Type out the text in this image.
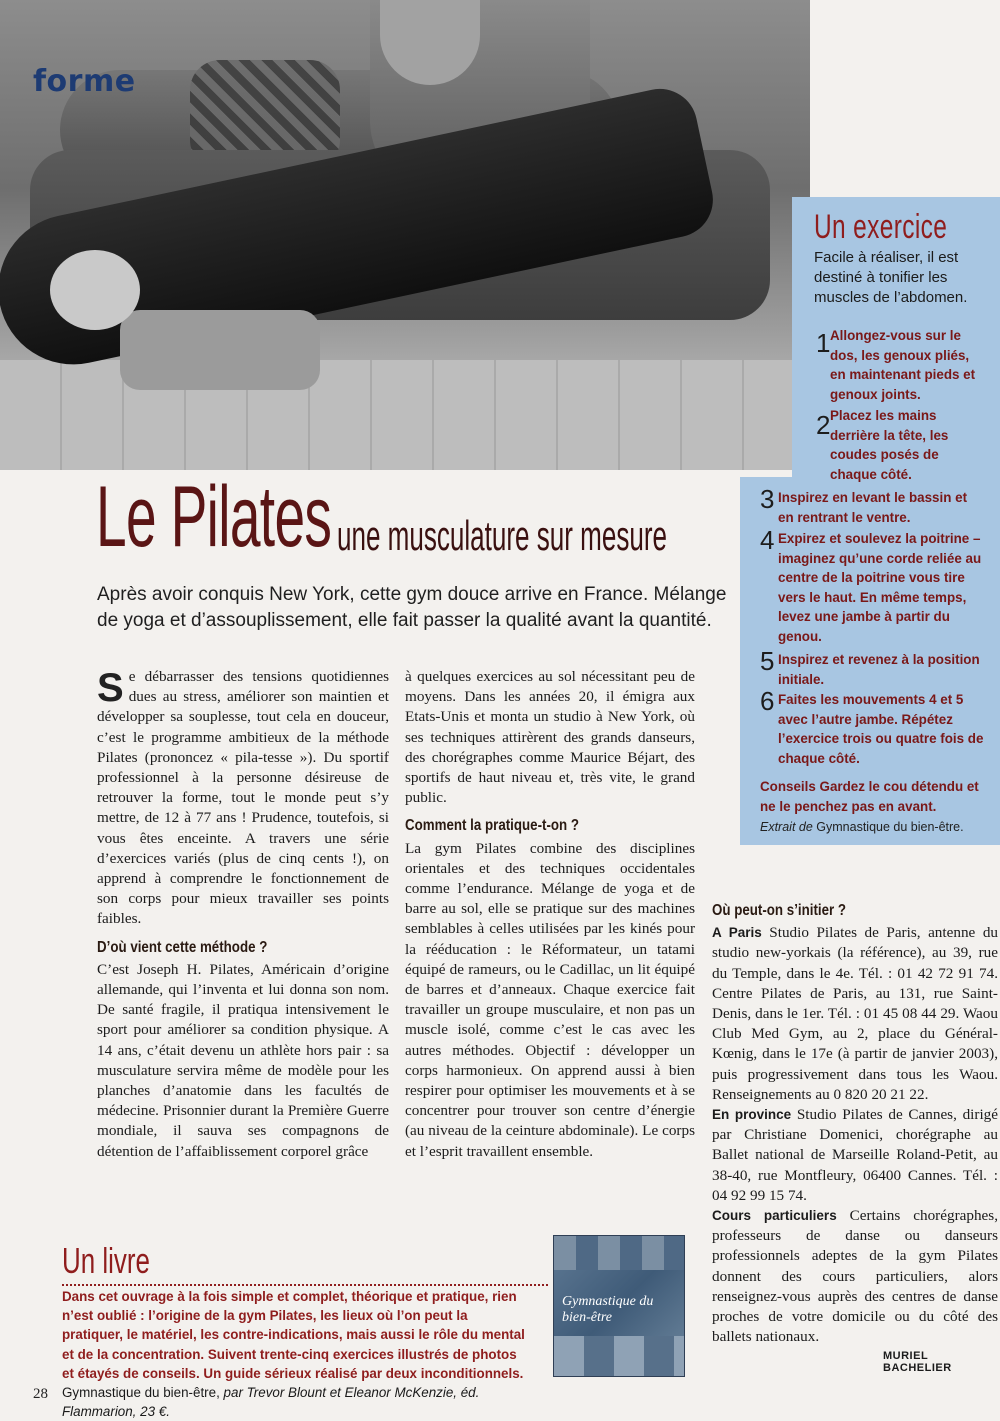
forme
Un exercice
Facile à réaliser, il est destiné à tonifier les muscles de l’abdomen.
1 Allongez-vous sur le dos, les genoux pliés, en maintenant pieds et genoux joints.
2 Placez les mains derrière la tête, les coudes posés de chaque côté.
3 Inspirez en levant le bassin et en rentrant le ventre.
4 Expirez et soulevez la poitrine – imaginez qu’une corde reliée au centre de la poitrine vous tire vers le haut. En même temps, levez une jambe à partir du genou.
5 Inspirez et revenez à la position initiale.
6 Faites les mouvements 4 et 5 avec l’autre jambe. Répétez l’exercice trois ou quatre fois de chaque côté.
Conseils Gardez le cou détendu et ne le penchez pas en avant.
Extrait de Gymnastique du bien-être.
Le Pilates une musculature sur mesure
Après avoir conquis New York, cette gym douce arrive en France. Mélange de yoga et d’assouplissement, elle fait passer la qualité avant la quantité.

Se débarrasser des tensions quotidiennes dues au stress, améliorer son maintien et développer sa souplesse, tout cela en douceur, c’est le programme ambitieux de la méthode Pilates (prononcez « pila-tesse »). Du sportif professionnel à la personne désireuse de retrouver la forme, tout le monde peut s’y mettre, de 12 à 77 ans ! Prudence, toutefois, si vous êtes enceinte. A travers une série d’exercices variés (plus de cinq cents !), on apprend à comprendre le fonctionnement de son corps pour mieux travailler ses points faibles.

D’où vient cette méthode ?

C’est Joseph H. Pilates, Américain d’origine allemande, qui l’inventa et lui donna son nom. De santé fragile, il pratiqua intensivement le sport pour améliorer sa condition physique. A 14 ans, c’était devenu un athlète hors pair : sa musculature servira même de modèle pour les planches d’anatomie dans les facultés de médecine. Prisonnier durant la Première Guerre mondiale, il sauva ses compagnons de détention de l’affaiblissement corporel grâce

à quelques exercices au sol nécessitant peu de moyens. Dans les années 20, il émigra aux Etats-Unis et monta un studio à New York, où ses techniques attirèrent des grands danseurs, des chorégraphes comme Maurice Béjart, des sportifs de haut niveau et, très vite, le grand public.

Comment la pratique-t-on ?

La gym Pilates combine des disciplines orientales et des techniques occidentales comme l’endurance. Mélange de yoga et de barre au sol, elle se pratique sur des machines semblables à celles utilisées par les kinés pour la rééducation : le Réformateur, un tatami équipé de rameurs, ou le Cadillac, un lit équipé de barres et d’anneaux. Chaque exercice fait travailler un groupe musculaire, et non pas un muscle isolé, comme c’est le cas avec les autres méthodes. Objectif : développer un corps harmonieux. On apprend aussi à bien respirer pour optimiser les mouvements et à se concentrer pour trouver son centre d’énergie (au niveau de la ceinture abdominale). Le corps et l’esprit travaillent ensemble.

Où peut-on s’initier ?

A Paris Studio Pilates de Paris, antenne du studio new-yorkais (la référence), au 39, rue du Temple, dans le 4e. Tél. : 01 42 72 91 74. Centre Pilates de Paris, au 131, rue Saint-Denis, dans le 1er. Tél. : 01 45 08 44 29. Waou Club Med Gym, au 2, place du Général-Kœnig, dans le 17e (à partir de janvier 2003), puis progressivement dans tous les Waou. Renseignements au 0 820 20 21 22.

En province Studio Pilates de Cannes, dirigé par Christiane Domenici, chorégraphe au Ballet national de Marseille Roland-Petit, au 38-40, rue Montfleury, 06400 Cannes. Tél. : 04 92 99 15 74.

Cours particuliers Certains chorégraphes, professeurs de danse ou danseurs professionnels adeptes de la gym Pilates donnent des cours particuliers, alors renseignez-vous auprès des centres de danse proches de votre domicile ou du côté des ballets nationaux.

MURIEL BACHELIER
Un livre
Dans cet ouvrage à la fois simple et complet, théorique et pratique, rien n’est oublié : l’origine de la gym Pilates, les lieux où l’on peut la pratiquer, le matériel, les contre-indications, mais aussi le rôle du mental et de la concentration. Suivent trente-cinq exercices illustrés de photos et étayés de conseils. Un guide sérieux réalisé par deux inconditionnels. Gymnastique du bien-être, par Trevor Blount et Eleanor McKenzie, éd. Flammarion, 23 €.
Gymnastique du bien-être
28
